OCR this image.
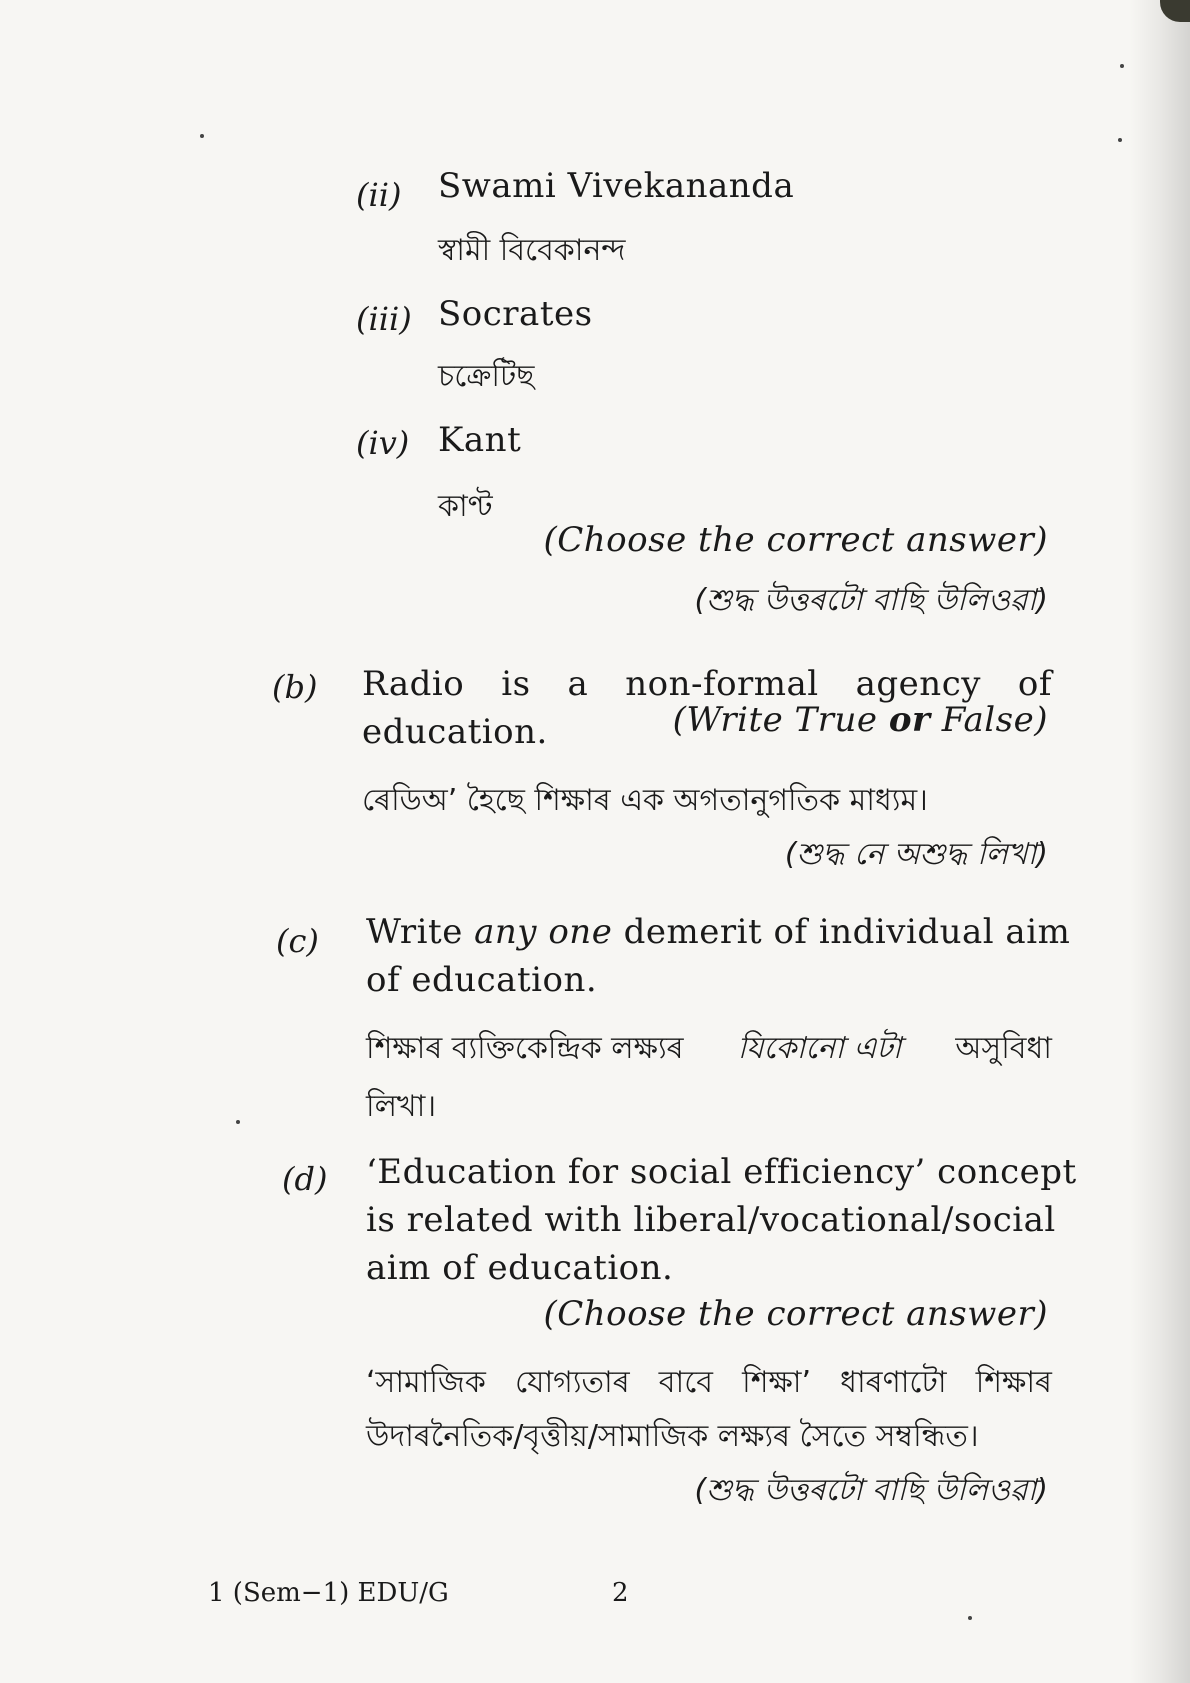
(ii) Swami Vivekananda
স্বামী বিবেকানন্দ
(iii) Socrates
চক্ৰেটিছ
(iv) Kant
কাণ্ট
(Choose the correct answer)
(শুদ্ধ উত্তৰটো বাছি উলিওৱা)
(b) Radio is a non-formal agency of
education.	(Write True or False)
ৰেডিঅ’ হৈছে শিক্ষাৰ এক অগতানুগতিক মাধ্যম।
(শুদ্ধ নে অশুদ্ধ লিখা)
(c) Write any one demerit of individual aim
of education.
শিক্ষাৰ ব্যক্তিকেন্দ্ৰিক লক্ষ্যৰ যিকোনো এটা অসুবিধা
লিখা।
(d) ‘Education for social efficiency’ concept
is related with liberal/vocational/social
aim of education.
(Choose the correct answer)
‘সামাজিক যোগ্যতাৰ বাবে শিক্ষা’ ধাৰণাটো শিক্ষাৰ
উদাৰনৈতিক/বৃত্তীয়/সামাজিক লক্ষ্যৰ সৈতে সম্বন্ধিত।
(শুদ্ধ উত্তৰটো বাছি উলিওৱা)
1 (Sem−1) EDU/G	2
